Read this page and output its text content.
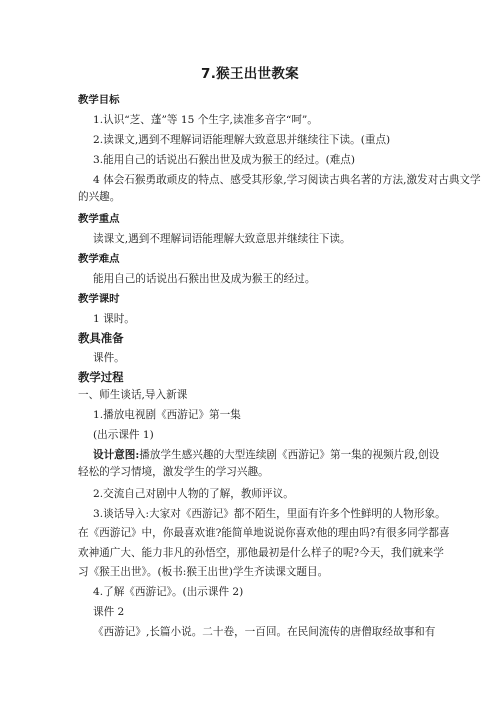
7.猴王出世教案
教学目标
1.认识“芝、蓬”等 15 个生字,读准多音字“呵”。
2.读课文,遇到不理解词语能理解大致意思并继续往下读。(重点)
3.能用自己的话说出石猴出世及成为猴王的经过。(难点)
4 体会石猴勇敢顽皮的特点、感受其形象,学习阅读古典名著的方法,激发对古典文学
的兴趣。
教学重点
读课文,遇到不理解词语能理解大致意思并继续往下读。
教学难点
能用自己的话说出石猴出世及成为猴王的经过。
教学课时
1 课时。
教具准备
课件。
教学过程
一、师生谈话,导入新课
1.播放电视剧《西游记》第一集
(出示课件 1)
设计意图:播放学生感兴趣的大型连续剧《西游记》第一集的视频片段,创设
轻松的学习情境，激发学生的学习兴趣。
2.交流自己对剧中人物的了解，教师评议。
3.谈话导入:大家对《西游记》都不陌生，里面有许多个性鲜明的人物形象。
在《西游记》中，你最喜欢谁?能简单地说说你喜欢他的理由吗?有很多同学都喜
欢神通广大、能力非凡的孙悟空，那他最初是什么样子的呢?今天，我们就来学
习《猴王出世》。(板书:猴王出世)学生齐读课文题目。
4.了解《西游记》。(出示课件 2)
课件 2
《西游记》,长篇小说。二十卷，一百回。在民间流传的唐僧取经故事和有
